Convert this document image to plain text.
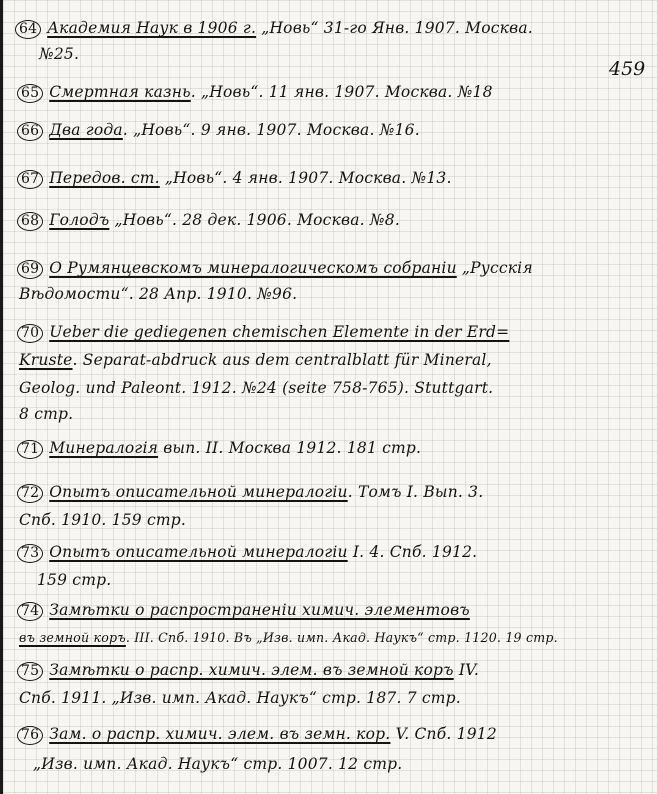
459
64 Академия Наук в 1906 г. „Новь“ 31-го Янв. 1907. Москва.
№25.
65 Смертная казнь. „Новь“. 11 янв. 1907. Москва. №18
66 Два года. „Новь“. 9 янв. 1907. Москва. №16.
67 Передов. ст. „Новь“. 4 янв. 1907. Москва. №13.
68 Голодъ „Новь“. 28 дек. 1906. Москва. №8.
69 О Румянцевскомъ минералогическомъ собраніи „Русскія
Вѣдомости“. 28 Апр. 1910. №96.
70 Ueber die gediegenen chemischen Elemente in der Erd=
Kruste. Separat-abdruck aus dem centralblatt für Mineral,
Geolog. und Paleont. 1912. №24 (seite 758-765). Stuttgart.
8 стр.
71 Минералогія вып. II. Москва 1912. 181 стр.
72 Опытъ описательной минералогіи. Томъ I. Вып. 3.
Спб. 1910. 159 стр.
73 Опытъ описательной минералогіи I. 4. Спб. 1912.
159 стр.
74 Замѣтки о распространеніи химич. элементовъ
въ земной коръ. III. Спб. 1910. Въ „Изв. имп. Акад. Наукъ“ стр. 1120. 19 стр.
75 Замѣтки о распр. химич. элем. въ земной коръ IV.
Спб. 1911. „Изв. имп. Акад. Наукъ“ стр. 187. 7 стр.
76 Зам. о распр. химич. элем. въ земн. кор. V. Спб. 1912
„Изв. имп. Акад. Наукъ“ стр. 1007. 12 стр.
